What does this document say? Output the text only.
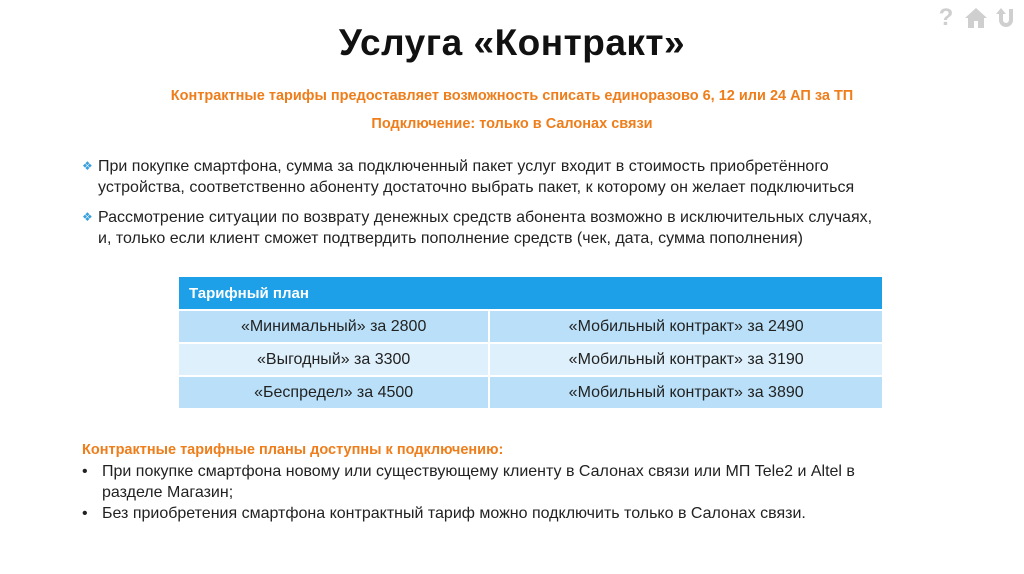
?
Услуга «Контракт»
Контрактные тарифы предоставляет возможность списать единоразово 6, 12 или 24 АП за ТП
Подключение: только в Салонах связи
❖ При покупке смартфона, сумма за подключенный пакет услуг входит в стоимость приобретённого
устройства, соответственно абоненту достаточно выбрать пакет, к которому он желает подключиться
❖ Рассмотрение ситуации по возврату денежных средств абонента возможно в исключительных случаях,
и, только если клиент сможет подтвердить пополнение средств (чек, дата, сумма пополнения)
Тарифный план	
«Минимальный» за 2800	«Мобильный контракт» за 2490
«Выгодный» за 3300	«Мобильный контракт» за 3190
«Беспредел» за 4500	«Мобильный контракт» за 3890
Контрактные тарифные планы доступны к подключению:
• При покупке смартфона новому или существующему клиенту в Салонах связи или МП Tele2 и Altel в
разделе Магазин;
• Без приобретения смартфона контрактный тариф можно подключить только в Салонах связи.
